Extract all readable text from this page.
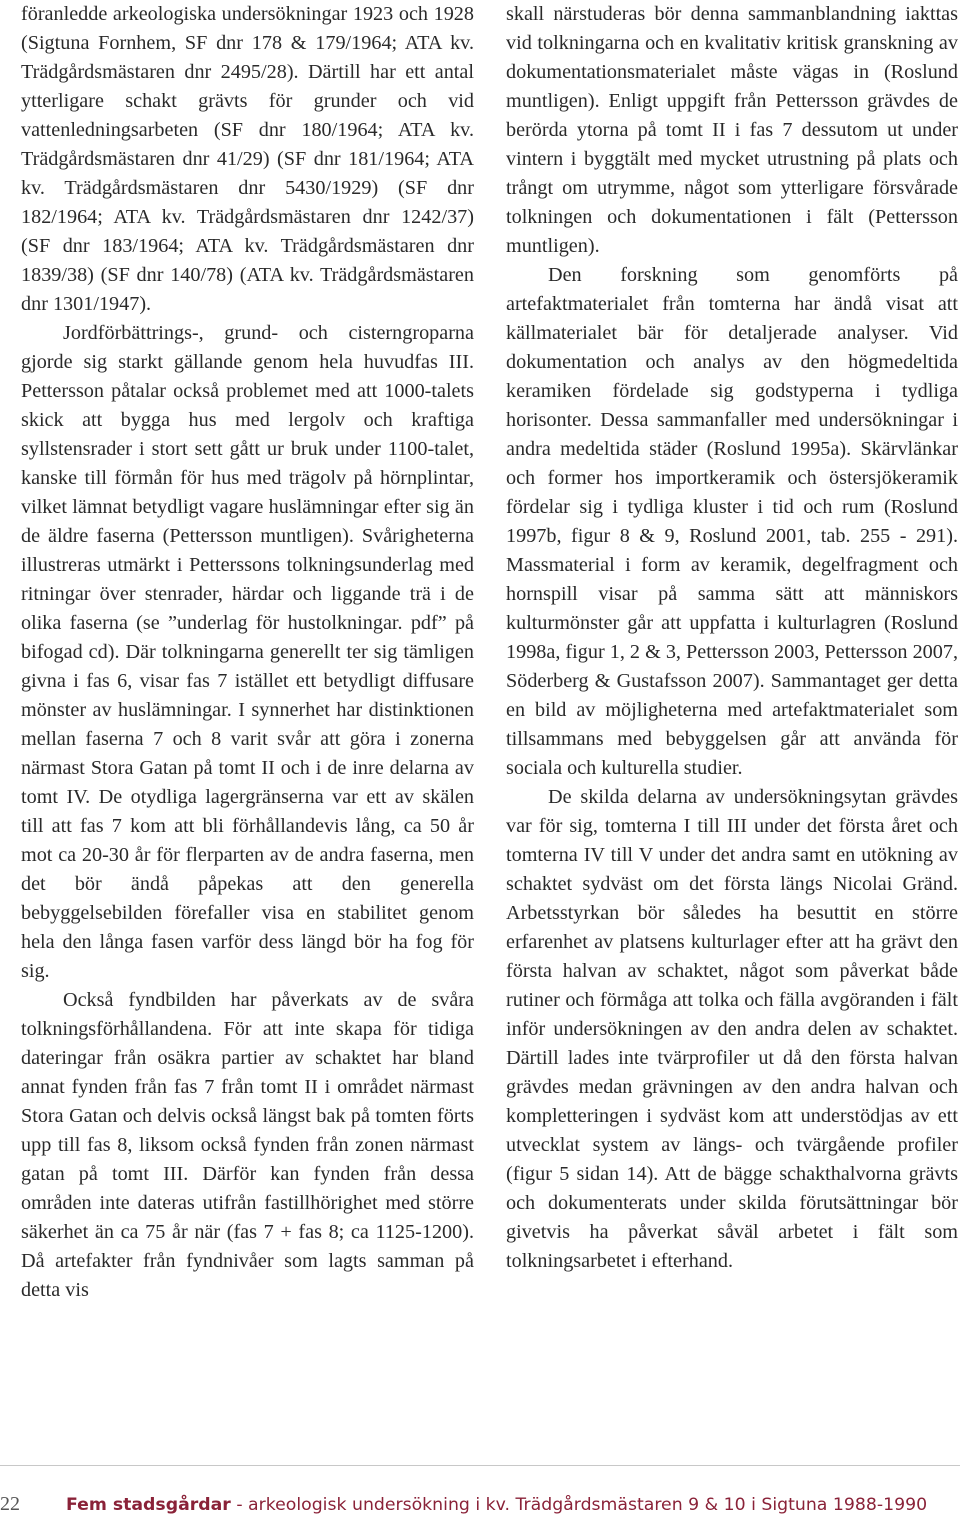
föranledde arkeologiska undersökningar 1923 och 1928 (Sigtuna Fornhem, SF dnr 178 & 179/1964; ATA kv. Trädgårdsmästaren dnr 2495/28). Därtill har ett antal ytterligare schakt grävts för grunder och vid vattenledningsarbeten (SF dnr 180/1964; ATA kv. Trädgårdsmästaren dnr 41/29) (SF dnr 181/1964; ATA kv. Trädgårdsmästaren dnr 5430/1929) (SF dnr 182/1964; ATA kv. Trädgårdsmästaren dnr 1242/37) (SF dnr 183/1964; ATA kv. Trädgårdsmästaren dnr 1839/38) (SF dnr 140/78) (ATA kv. Trädgårdsmästaren dnr 1301/1947).

Jordförbättrings-, grund- och cisterngroparna gjorde sig starkt gällande genom hela huvudfas III. Pettersson påtalar också problemet med att 1000-talets skick att bygga hus med lergolv och kraftiga syllstensrader i stort sett gått ur bruk under 1100-talet, kanske till förmån för hus med trägolv på hörnplintar, vilket lämnat betydligt vagare huslämningar efter sig än de äldre faserna (Pettersson muntligen). Svårigheterna illustreras utmärkt i Petterssons tolkningsunderlag med ritningar över stenrader, härdar och liggande trä i de olika faserna (se ”underlag för hustolkningar. pdf” på bifogad cd). Där tolkningarna generellt ter sig tämligen givna i fas 6, visar fas 7 istället ett betydligt diffusare mönster av huslämningar. I synnerhet har distinktionen mellan faserna 7 och 8 varit svår att göra i zonerna närmast Stora Gatan på tomt II och i de inre delarna av tomt IV. De otydliga lagergränserna var ett av skälen till att fas 7 kom att bli förhållandevis lång, ca 50 år mot ca 20-30 år för flerparten av de andra faserna, men det bör ändå påpekas att den generella bebyggelsebilden förefaller visa en stabilitet genom hela den långa fasen varför dess längd bör ha fog för sig.

Också fyndbilden har påverkats av de svåra tolkningsförhållandena. För att inte skapa för tidiga dateringar från osäkra partier av schaktet har bland annat fynden från fas 7 från tomt II i området närmast Stora Gatan och delvis också längst bak på tomten förts upp till fas 8, liksom också fynden från zonen närmast gatan på tomt III. Därför kan fynden från dessa områden inte dateras utifrån fastillhörighet med större säkerhet än ca 75 år när (fas 7 + fas 8; ca 1125-1200). Då artefakter från fyndnivåer som lagts samman på detta vis

skall närstuderas bör denna sammanblandning iakttas vid tolkningarna och en kvalitativ kritisk granskning av dokumentationsmaterialet måste vägas in (Roslund muntligen). Enligt uppgift från Pettersson grävdes de berörda ytorna på tomt II i fas 7 dessutom ut under vintern i byggtält med mycket utrustning på plats och trångt om utrymme, något som ytterligare försvårade tolkningen och dokumentationen i fält (Pettersson muntligen).

Den forskning som genomförts på artefaktmaterialet från tomterna har ändå visat att källmaterialet bär för detaljerade analyser. Vid dokumentation och analys av den högmedeltida keramiken fördelade sig godstyperna i tydliga horisonter. Dessa sammanfaller med undersökningar i andra medeltida städer (Roslund 1995a). Skärvlänkar och former hos importkeramik och östersjökeramik fördelar sig i tydliga kluster i tid och rum (Roslund 1997b, figur 8 & 9, Roslund 2001, tab. 255 - 291). Massmaterial i form av keramik, degelfragment och hornspill visar på samma sätt att människors kulturmönster går att uppfatta i kulturlagren (Roslund 1998a, figur 1, 2 & 3, Pettersson 2003, Pettersson 2007, Söderberg & Gustafsson 2007). Sammantaget ger detta en bild av möjligheterna med artefaktmaterialet som tillsammans med bebyggelsen går att använda för sociala och kulturella studier.

De skilda delarna av undersökningsytan grävdes var för sig, tomterna I till III under det första året och tomterna IV till V under det andra samt en utökning av schaktet sydväst om det första längs Nicolai Gränd. Arbetsstyrkan bör således ha besuttit en större erfarenhet av platsens kulturlager efter att ha grävt den första halvan av schaktet, något som påverkat både rutiner och förmåga att tolka och fälla avgöranden i fält inför undersökningen av den andra delen av schaktet. Därtill lades inte tvärprofiler ut då den första halvan grävdes medan grävningen av den andra halvan och kompletteringen i sydväst kom att understödjas av ett utvecklat system av längs- och tvärgående profiler (figur 5 sidan 14). Att de bägge schakthalvorna grävts och dokumenterats under skilda förutsättningar bör givetvis ha påverkat såväl arbetet i fält som tolkningsarbetet i efterhand.

22	Fem stadsgårdar - arkeologisk undersökning i kv. Trädgårdsmästaren 9 & 10 i Sigtuna 1988-1990
